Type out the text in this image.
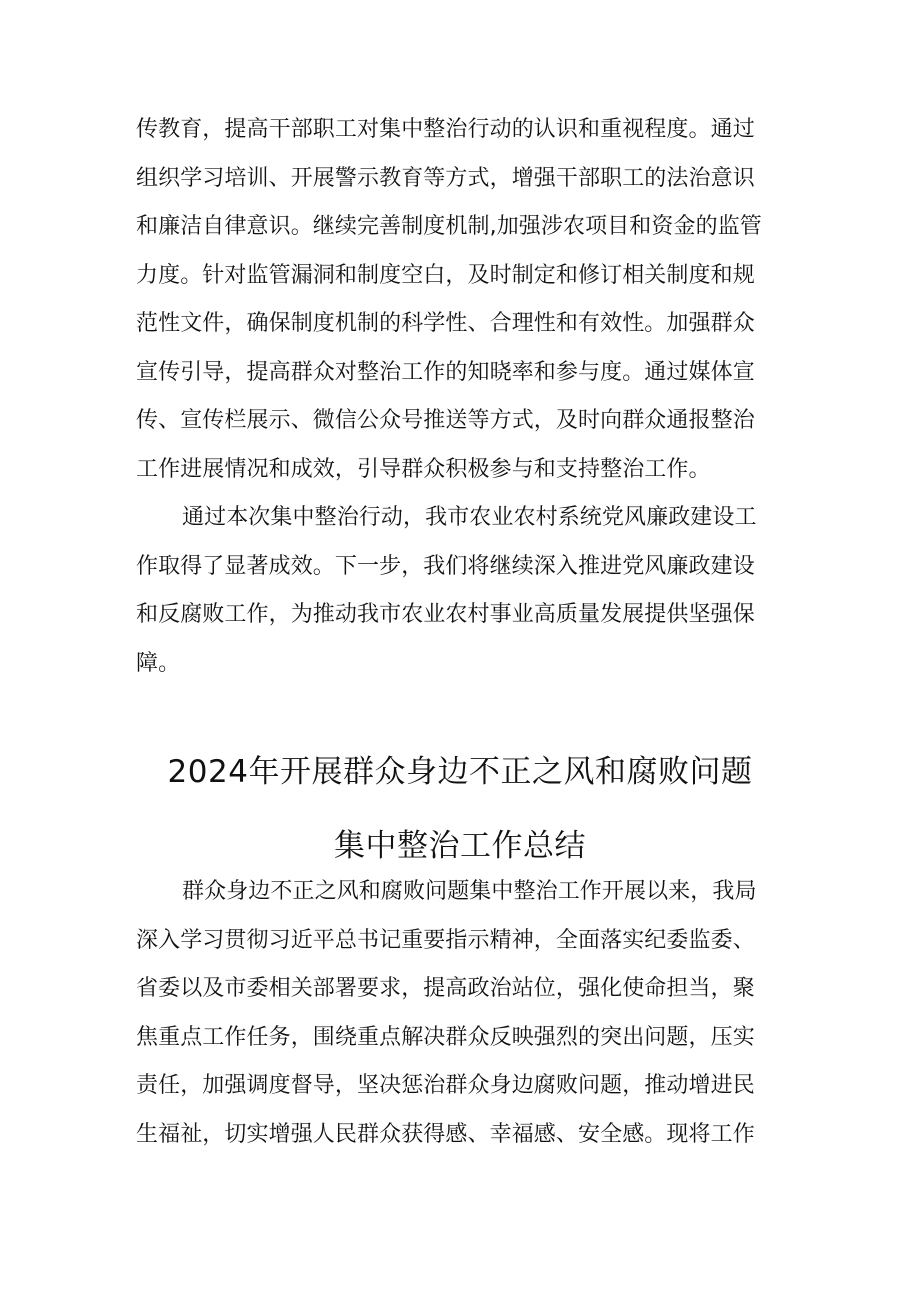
传教育，提高干部职工对集中整治行动的认识和重视程度。通过
组织学习培训、开展警示教育等方式，增强干部职工的法治意识
和廉洁自律意识。继续完善制度机制,加强涉农项目和资金的监管
力度。针对监管漏洞和制度空白，及时制定和修订相关制度和规
范性文件，确保制度机制的科学性、合理性和有效性。加强群众
宣传引导，提高群众对整治工作的知晓率和参与度。通过媒体宣
传、宣传栏展示、微信公众号推送等方式，及时向群众通报整治
工作进展情况和成效，引导群众积极参与和支持整治工作。
通过本次集中整治行动，我市农业农村系统党风廉政建设工
作取得了显著成效。下一步，我们将继续深入推进党风廉政建设
和反腐败工作，为推动我市农业农村事业高质量发展提供坚强保
障。
2024年开展群众身边不正之风和腐败问题
集中整治工作总结
群众身边不正之风和腐败问题集中整治工作开展以来，我局
深入学习贯彻习近平总书记重要指示精神，全面落实纪委监委、
省委以及市委相关部署要求，提高政治站位，强化使命担当，聚
焦重点工作任务，围绕重点解决群众反映强烈的突出问题，压实
责任，加强调度督导，坚决惩治群众身边腐败问题，推动增进民
生福祉，切实增强人民群众获得感、幸福感、安全感。现将工作
